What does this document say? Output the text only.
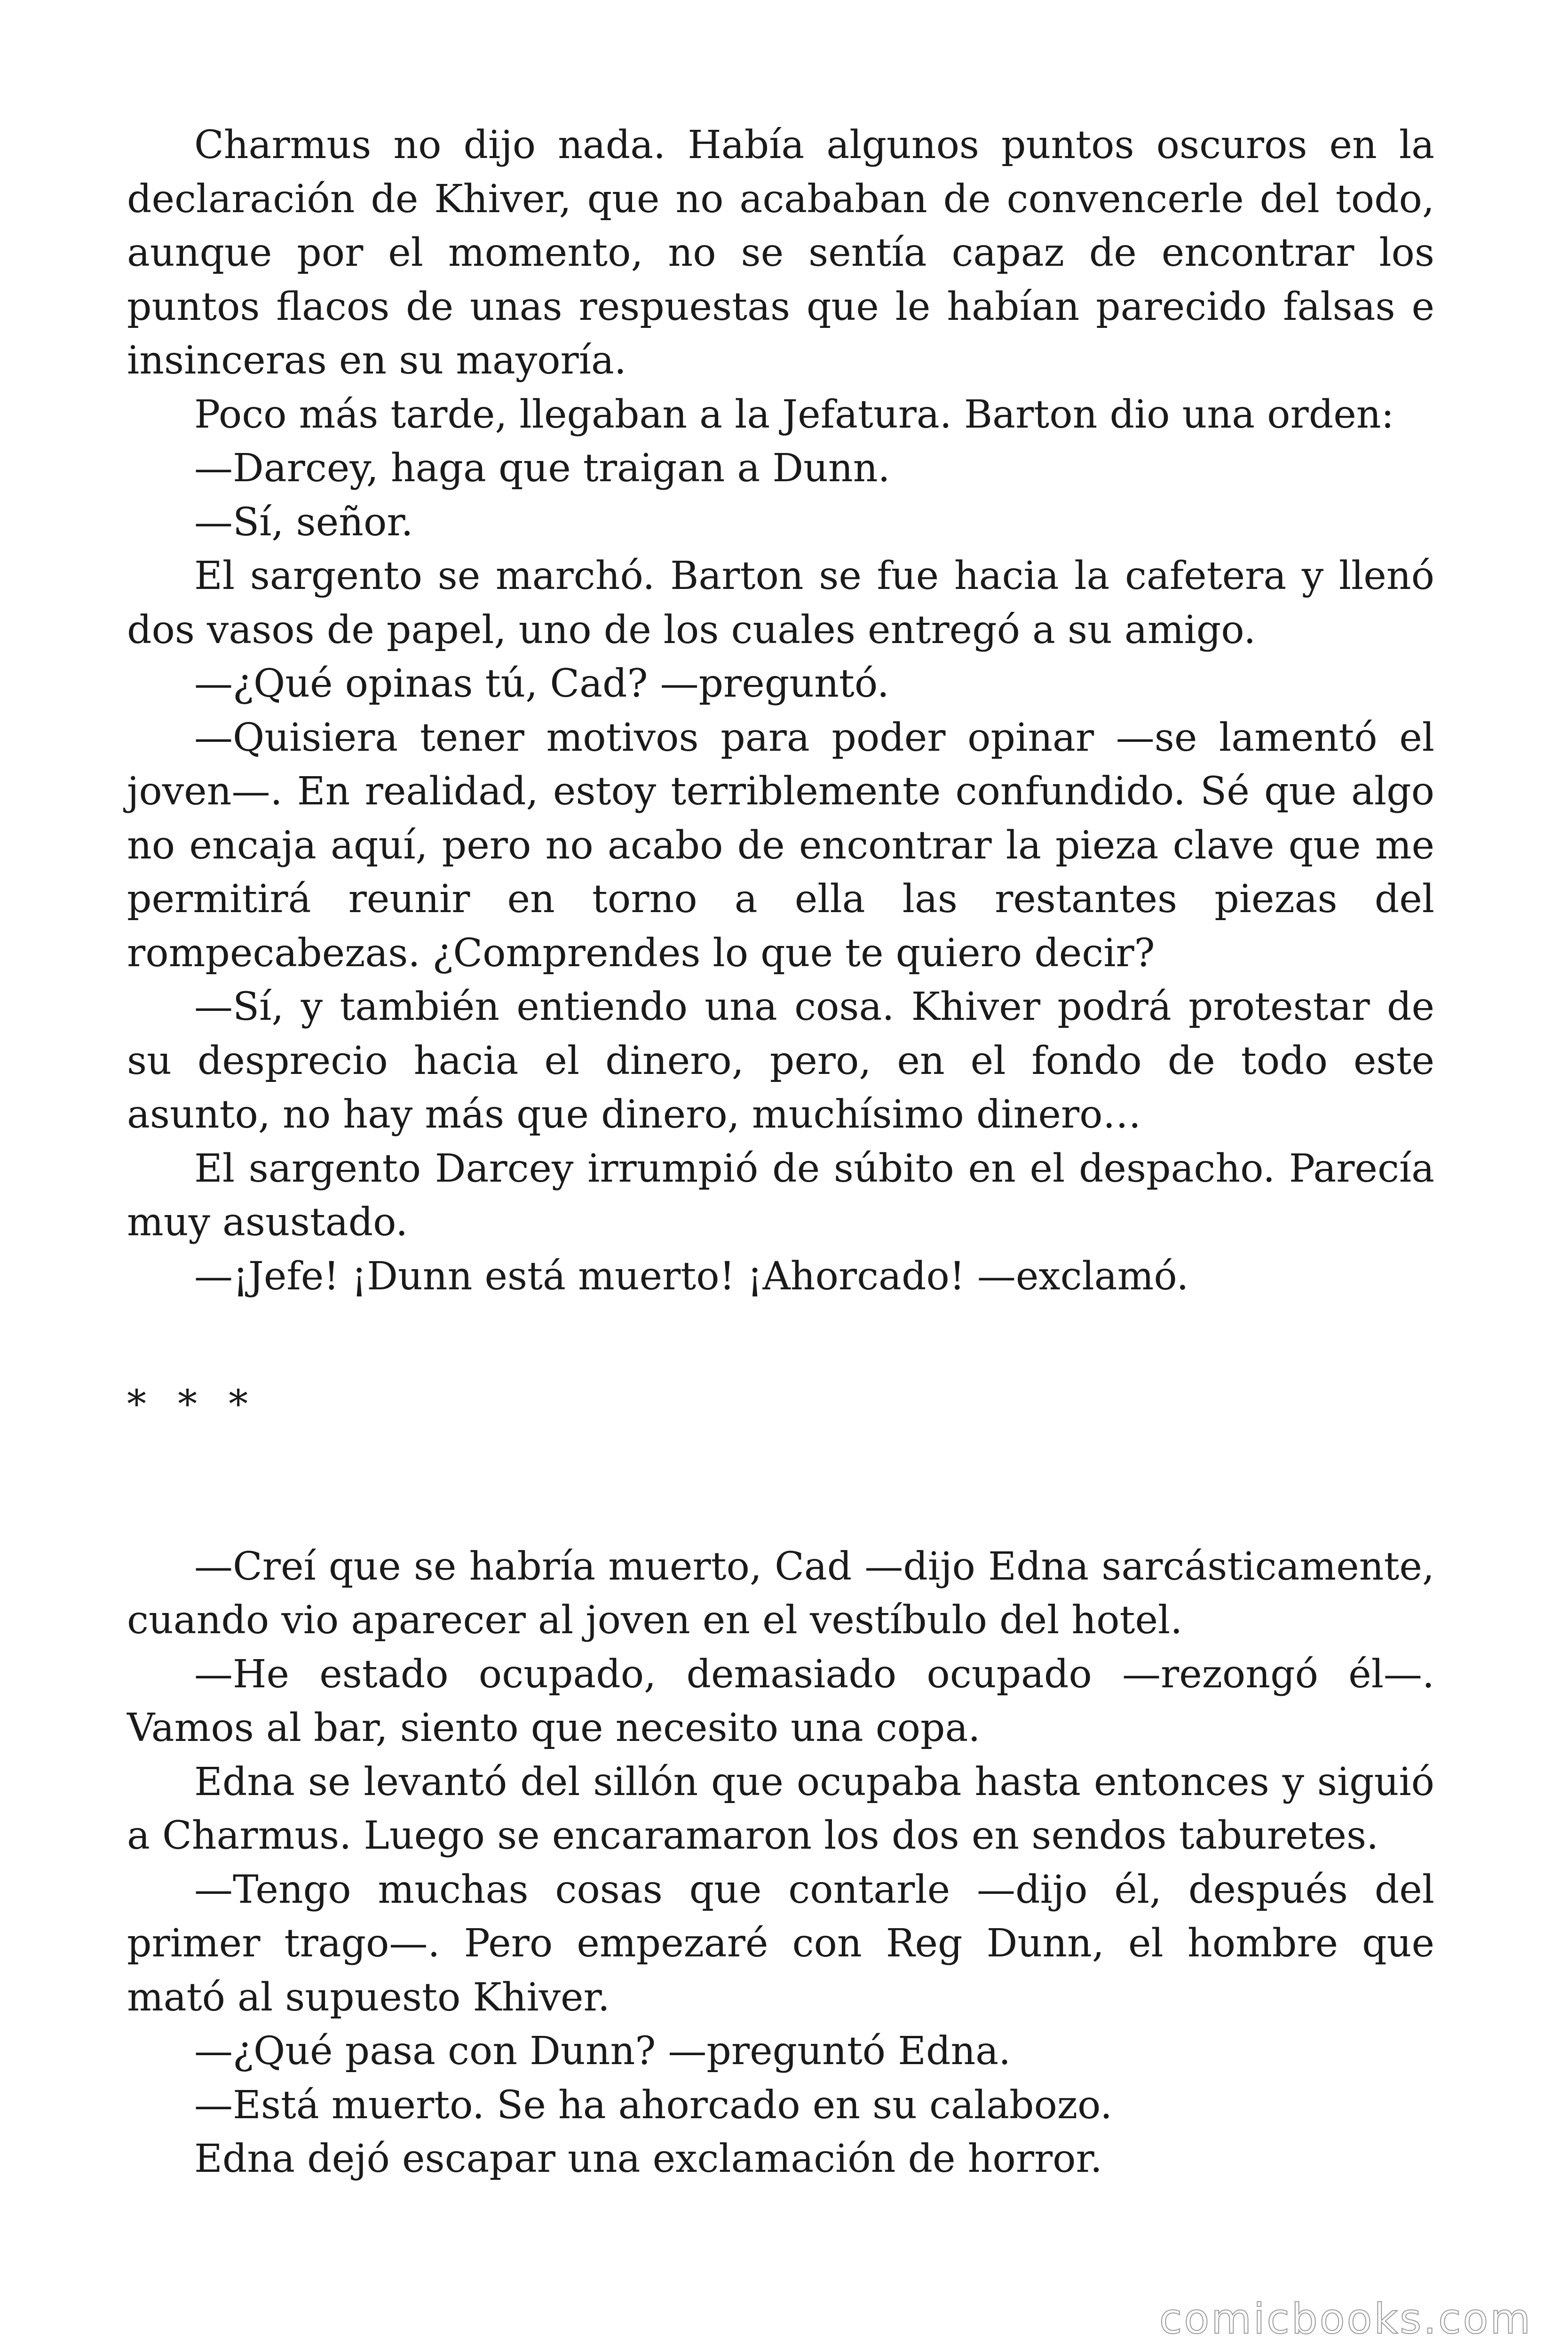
Charmus no dijo nada. Había algunos puntos oscuros en la declaración de Khiver, que no acababan de convencerle del todo, aunque por el momento, no se sentía capaz de encontrar los puntos flacos de unas respuestas que le habían parecido falsas e insinceras en su mayoría.

Poco más tarde, llegaban a la Jefatura. Barton dio una orden:

—Darcey, haga que traigan a Dunn.

—Sí, señor.

El sargento se marchó. Barton se fue hacia la cafetera y llenó dos vasos de papel, uno de los cuales entregó a su amigo.

—¿Qué opinas tú, Cad? —preguntó.

—Quisiera tener motivos para poder opinar —se lamentó el joven—. En realidad, estoy terriblemente confundido. Sé que algo no encaja aquí, pero no acabo de encontrar la pieza clave que me permitirá reunir en torno a ella las restantes piezas del rompecabezas. ¿Comprendes lo que te quiero decir?

—Sí, y también entiendo una cosa. Khiver podrá protestar de su desprecio hacia el dinero, pero, en el fondo de todo este asunto, no hay más que dinero, muchísimo dinero…

El sargento Darcey irrumpió de súbito en el despacho. Parecía muy asustado.

—¡Jefe! ¡Dunn está muerto! ¡Ahorcado! —exclamó.

* * *

—Creí que se habría muerto, Cad —dijo Edna sarcásticamente, cuando vio aparecer al joven en el vestíbulo del hotel.

—He estado ocupado, demasiado ocupado —rezongó él—. Vamos al bar, siento que necesito una copa.

Edna se levantó del sillón que ocupaba hasta entonces y siguió a Charmus. Luego se encaramaron los dos en sendos taburetes.

—Tengo muchas cosas que contarle —dijo él, después del primer trago—. Pero empezaré con Reg Dunn, el hombre que mató al supuesto Khiver.

—¿Qué pasa con Dunn? —preguntó Edna.

—Está muerto. Se ha ahorcado en su calabozo.

Edna dejó escapar una exclamación de horror.

comicbooks.com
